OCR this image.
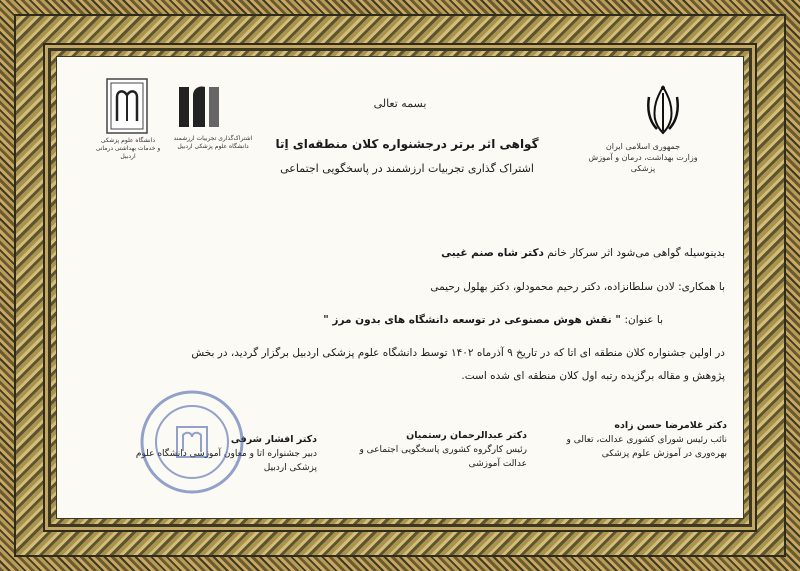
بسمه تعالی
جمهوری اسلامی ایران
وزارت بهداشت، درمان و آموزش پزشکی
دانشگاه علوم پزشکی
و خدمات بهداشتی درمانی اردبیل
اشتراک‌گذاری تجربیات ارزشمند
دانشگاه علوم پزشکی اردبیل	گواهی اثر برتر درجشنواره کلان منطقه‌ای اِتا
اشتراک گذاری تجربیات ارزشمند در پاسخگویی اجتماعی
بدینوسیله گواهی می‌شود اثر سرکار خانم دکتر شاه صنم غیبی
با همکاری: لادن سلطانزاده، دکتر رحیم محمودلو، دکتر بهلول رحیمی
با عنوان: " نقش هوش مصنوعی در توسعه دانشگاه های بدون مرز "
در اولین جشنواره کلان منطقه ای اتا که در تاریخ ۹ آذرماه ۱۴۰۲ توسط دانشگاه علوم پزشکی اردبیل برگزار گردید، در بخش
پژوهش و مقاله برگزیده رتبه اول کلان منطقه ای شده است.
دکتر غلامرضا حسن زاده
نائب رئیس شورای کشوری عدالت، تعالی و
بهره‌وری در آموزش علوم پزشکی
دکتر عبدالرحمان رستمیان
رئیس کارگروه کشوری پاسخگویی اجتماعی و
عدالت آموزشی
دکتر افشار شرفی
دبیر جشنواره اتا و معاون آموزشی دانشگاه علوم
پزشکی اردبیل
